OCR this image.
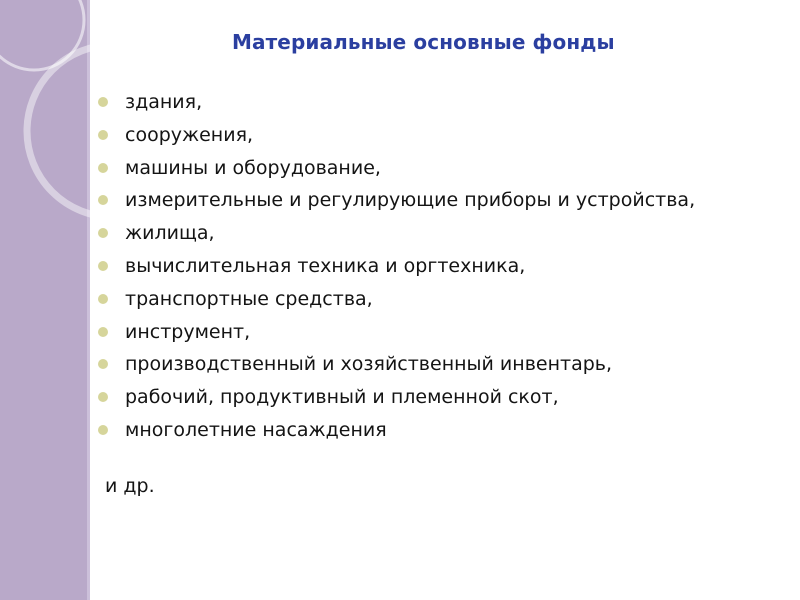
Материальные основные фонды
здания,
сооружения,
машины и оборудование,
измерительные и регулирующие приборы и устройства,
жилища,
вычислительная техника и оргтехника,
транспортные средства,
инструмент,
производственный и хозяйственный инвентарь,
рабочий, продуктивный и племенной скот,
многолетние насаждения
и др.
